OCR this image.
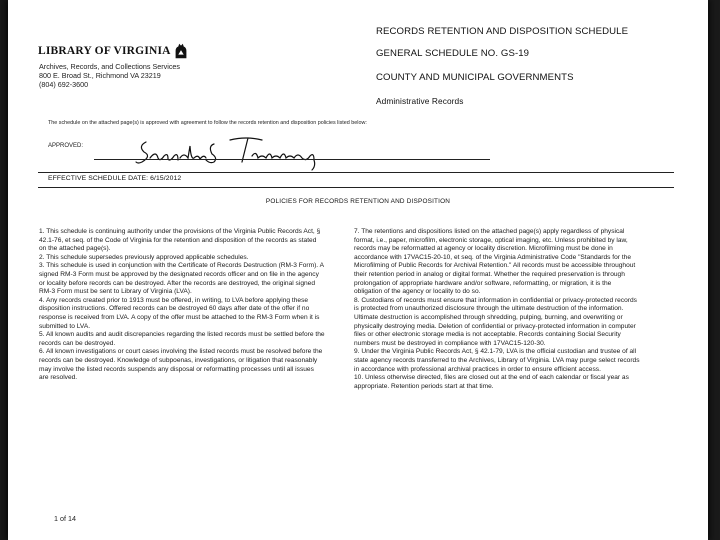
LIBRARY OF VIRGINIA
Archives, Records, and Collections Services
800 E. Broad St., Richmond VA 23219
(804) 692-3600
RECORDS RETENTION AND DISPOSITION SCHEDULE
GENERAL SCHEDULE NO. GS-19
COUNTY AND MUNICIPAL GOVERNMENTS
Administrative Records
The schedule on the attached page(s) is approved with agreement to follow the records retention and disposition policies listed below:
APPROVED:
EFFECTIVE SCHEDULE DATE: 6/15/2012
POLICIES FOR RECORDS RETENTION AND DISPOSITION

1. This schedule is continuing authority under the provisions of the Virginia Public Records Act, § 42.1-76, et seq. of the Code of Virginia for the retention and disposition of the records as stated on the attached page(s).

2. This schedule supersedes previously approved applicable schedules.

3. This schedule is used in conjunction with the Certificate of Records Destruction (RM-3 Form). A signed RM-3 Form must be approved by the designated records officer and on file in the agency or locality before records can be destroyed. After the records are destroyed, the original signed RM-3 Form must be sent to Library of Virginia (LVA).

4. Any records created prior to 1913 must be offered, in writing, to LVA before applying these disposition instructions. Offered records can be destroyed 60 days after date of the offer if no response is received from LVA. A copy of the offer must be attached to the RM-3 Form when it is submitted to LVA.

5. All known audits and audit discrepancies regarding the listed records must be settled before the records can be destroyed.

6. All known investigations or court cases involving the listed records must be resolved before the records can be destroyed. Knowledge of subpoenas, investigations, or litigation that reasonably may involve the listed records suspends any disposal or reformatting processes until all issues are resolved.

7. The retentions and dispositions listed on the attached page(s) apply regardless of physical format, i.e., paper, microfilm, electronic storage, optical imaging, etc. Unless prohibited by law, records may be reformatted at agency or locality discretion. Microfilming must be done in accordance with 17VAC15-20-10, et seq. of the Virginia Administrative Code "Standards for the Microfilming of Public Records for Archival Retention." All records must be accessible throughout their retention period in analog or digital format. Whether the required preservation is through prolongation of appropriate hardware and/or software, reformatting, or migration, it is the obligation of the agency or locality to do so.

8. Custodians of records must ensure that information in confidential or privacy-protected records is protected from unauthorized disclosure through the ultimate destruction of the information. Ultimate destruction is accomplished through shredding, pulping, burning, and overwriting or physically destroying media. Deletion of confidential or privacy-protected information in computer files or other electronic storage media is not acceptable. Records containing Social Security numbers must be destroyed in compliance with 17VAC15-120-30.

9. Under the Virginia Public Records Act, § 42.1-79, LVA is the official custodian and trustee of all state agency records transferred to the Archives, Library of Virginia. LVA may purge select records in accordance with professional archival practices in order to ensure efficient access.

10. Unless otherwise directed, files are closed out at the end of each calendar or fiscal year as appropriate. Retention periods start at that time.

1 of 14
